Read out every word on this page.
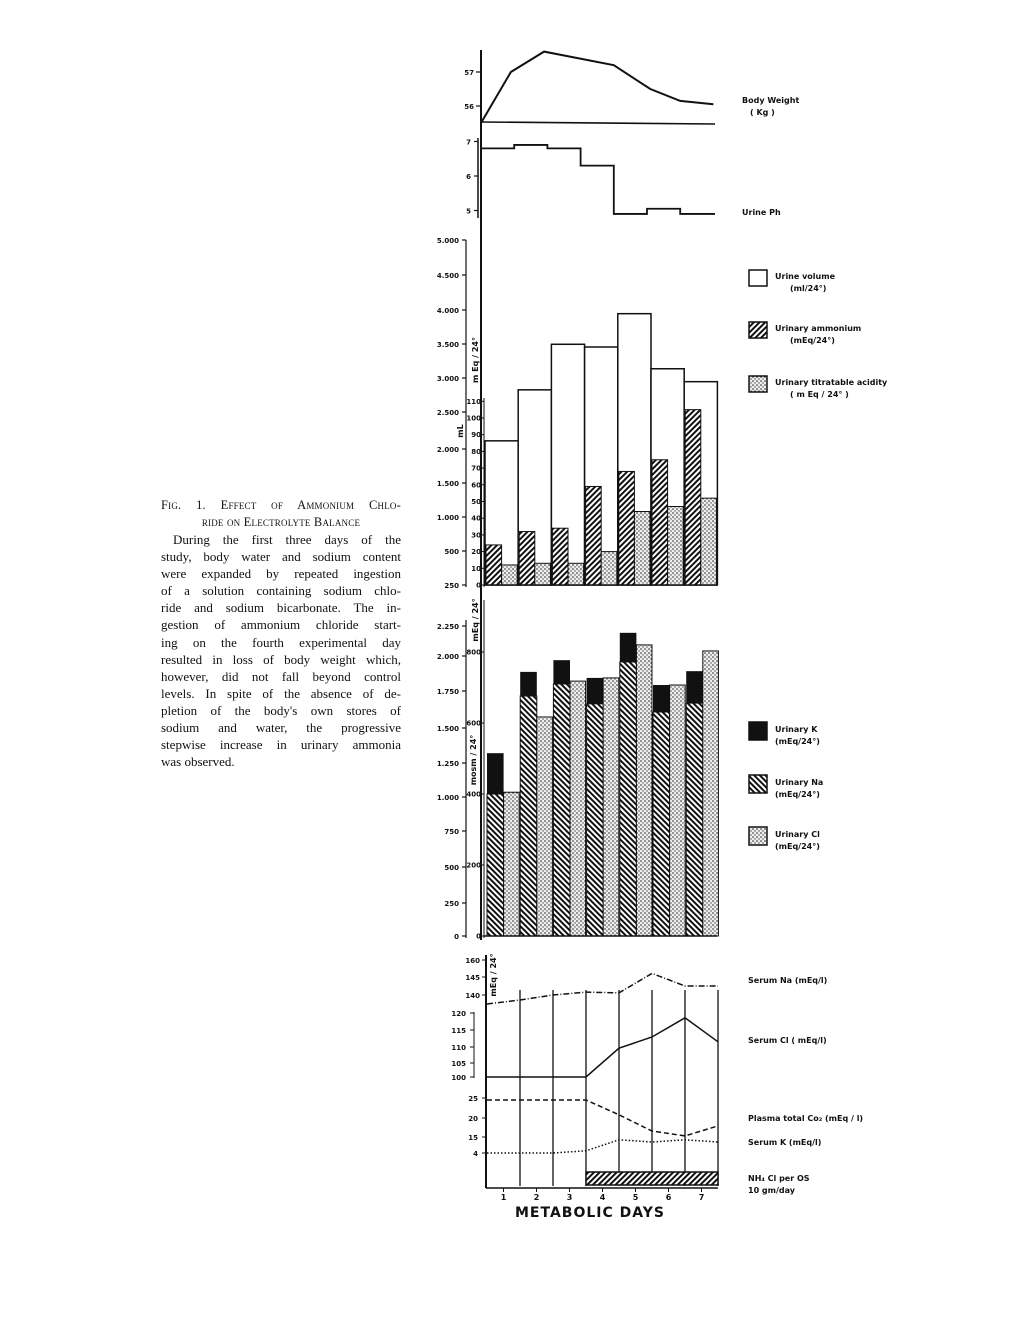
Fig. 1. Effect of Ammonium Chlo-
ride on Electrolyte Balance
During the first three days of the
study, body water and sodium content
were expanded by repeated ingestion
of a solution containing sodium chlo-
ride and sodium bicarbonate. The in-
gestion of ammonium chloride start-
ing on the fourth experimental day
resulted in loss of body weight which,
however, did not fall beyond control
levels. In spite of the absence of de-
pletion of the body's own stores of
sodium and water, the progressive
stepwise increase in urinary ammonia
was observed.
57
56
Body Weight
( Kg )
7
6
5	Urine Ph
5.000
4.500
4.000
3.500
3.000
2.500
2.000
1.500
1.000
500
250 0
10
20
30
40
50
60
70
80
90
100
110
m Eq / 24°
mL
Urine volume
(ml/24°)
Urinary ammonium
(mEq/24°)
Urinary titratable acidity
( m Eq / 24° )
2.250
2.000
1.750
1.500
1.250
1.000
750
500
250
0
800
600
400
200
0
mosm / 24°
mEq / 24°
Urinary K
(mEq/24°)
Urinary Na
(mEq/24°)
Urinary Cl
(mEq/24°)
160
145
140
120
115
110
105
100
25
20
15
4
mEq / 24°	Serum Na (mEq/l)
Serum Cl ( mEq/l)
Plasma total Co₂ (mEq / l)
Serum K (mEq/l)
NH₄ Cl per OS
10 gm/day
1	2	3	4	5	6	7
METABOLIC DAYS
